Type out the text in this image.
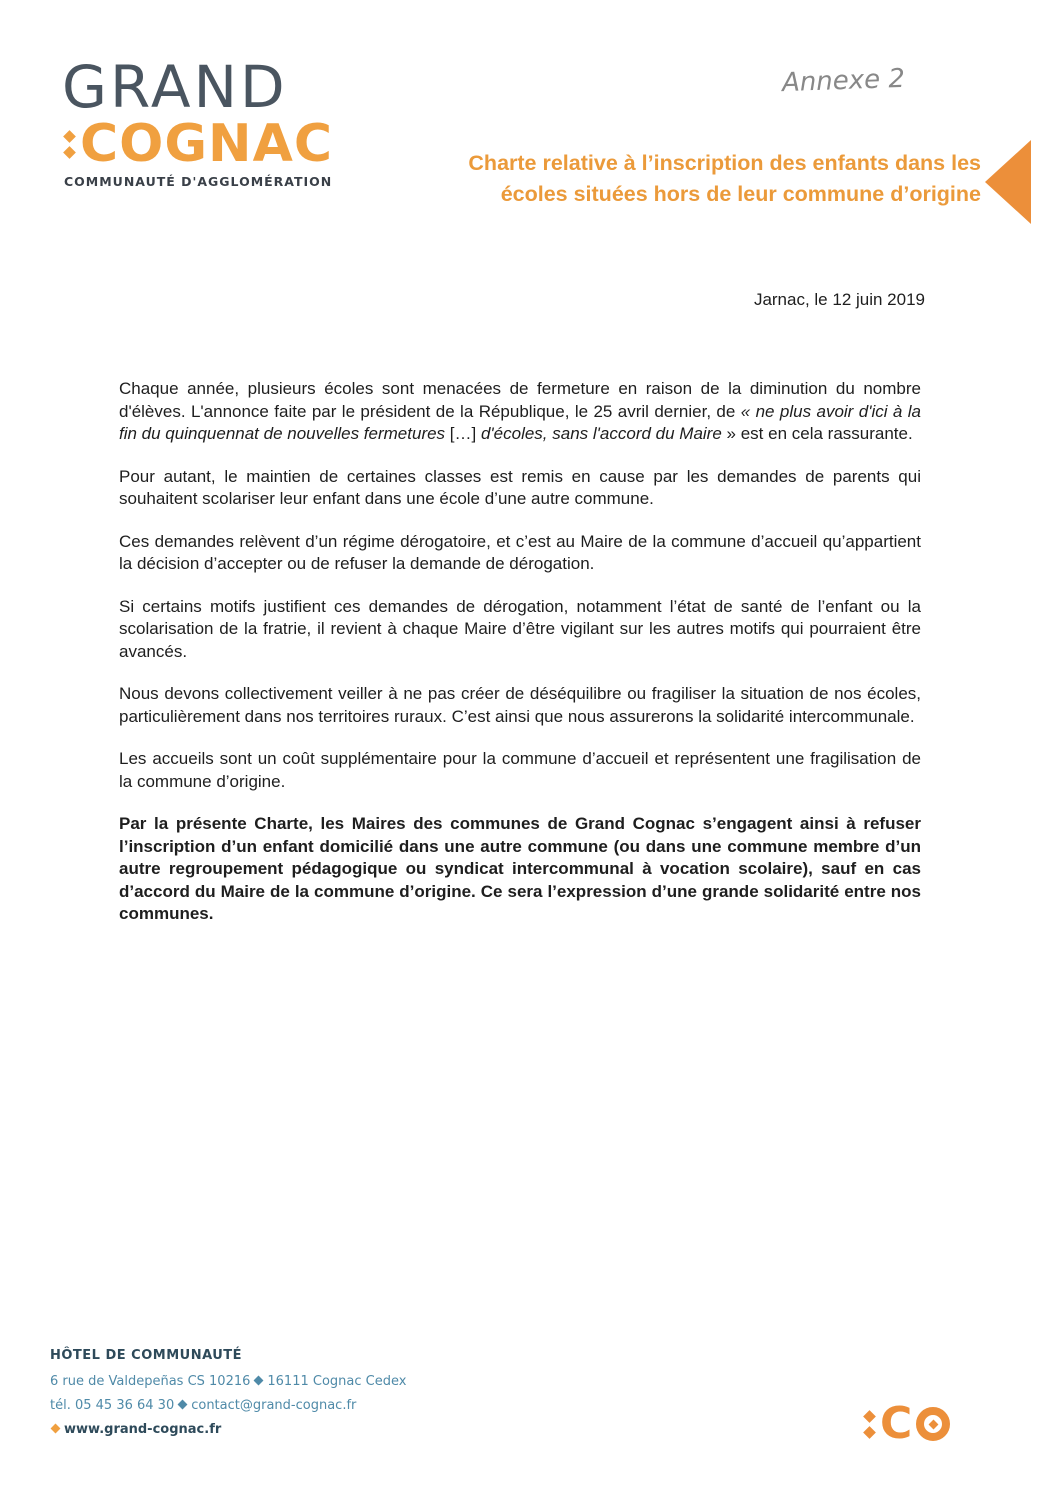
GRAND
COGNAC
COMMUNAUTÉ D'AGGLOMÉRATION
Annexe 2
Charte relative à l’inscription des enfants dans les
écoles situées hors de leur commune d’origine
Jarnac, le 12 juin 2019

Chaque année, plusieurs écoles sont menacées de fermeture en raison de la diminution du nombre d'élèves. L'annonce faite par le président de la République, le 25 avril dernier, de « ne plus avoir d'ici à la fin du quinquennat de nouvelles fermetures […] d'écoles, sans l'accord du Maire » est en cela rassurante.

Pour autant, le maintien de certaines classes est remis en cause par les demandes de parents qui souhaitent scolariser leur enfant dans une école d’une autre commune.

Ces demandes relèvent d’un régime dérogatoire, et c’est au Maire de la commune d’accueil qu’appartient la décision d’accepter ou de refuser la demande de dérogation.

Si certains motifs justifient ces demandes de dérogation, notamment l’état de santé de l’enfant ou la scolarisation de la fratrie, il revient à chaque Maire d’être vigilant sur les autres motifs qui pourraient être avancés.

Nous devons collectivement veiller à ne pas créer de déséquilibre ou fragiliser la situation de nos écoles, particulièrement dans nos territoires ruraux. C’est ainsi que nous assurerons la solidarité intercommunale.

Les accueils sont un coût supplémentaire pour la commune d’accueil et représentent une fragilisation de la commune d’origine.

Par la présente Charte, les Maires des communes de Grand Cognac s’engagent ainsi à refuser l’inscription d’un enfant domicilié dans une autre commune (ou dans une commune membre d’un autre regroupement pédagogique ou syndicat intercommunal à vocation scolaire), sauf en cas d’accord du Maire de la commune d’origine. Ce sera l’expression d’une grande solidarité entre nos communes.

HÔTEL DE COMMUNAUTÉ
6 rue de Valdepeñas CS 10216 16111 Cognac Cedex
tél. 05 45 36 64 30 contact@grand-cognac.fr
www.grand-cognac.fr	C
